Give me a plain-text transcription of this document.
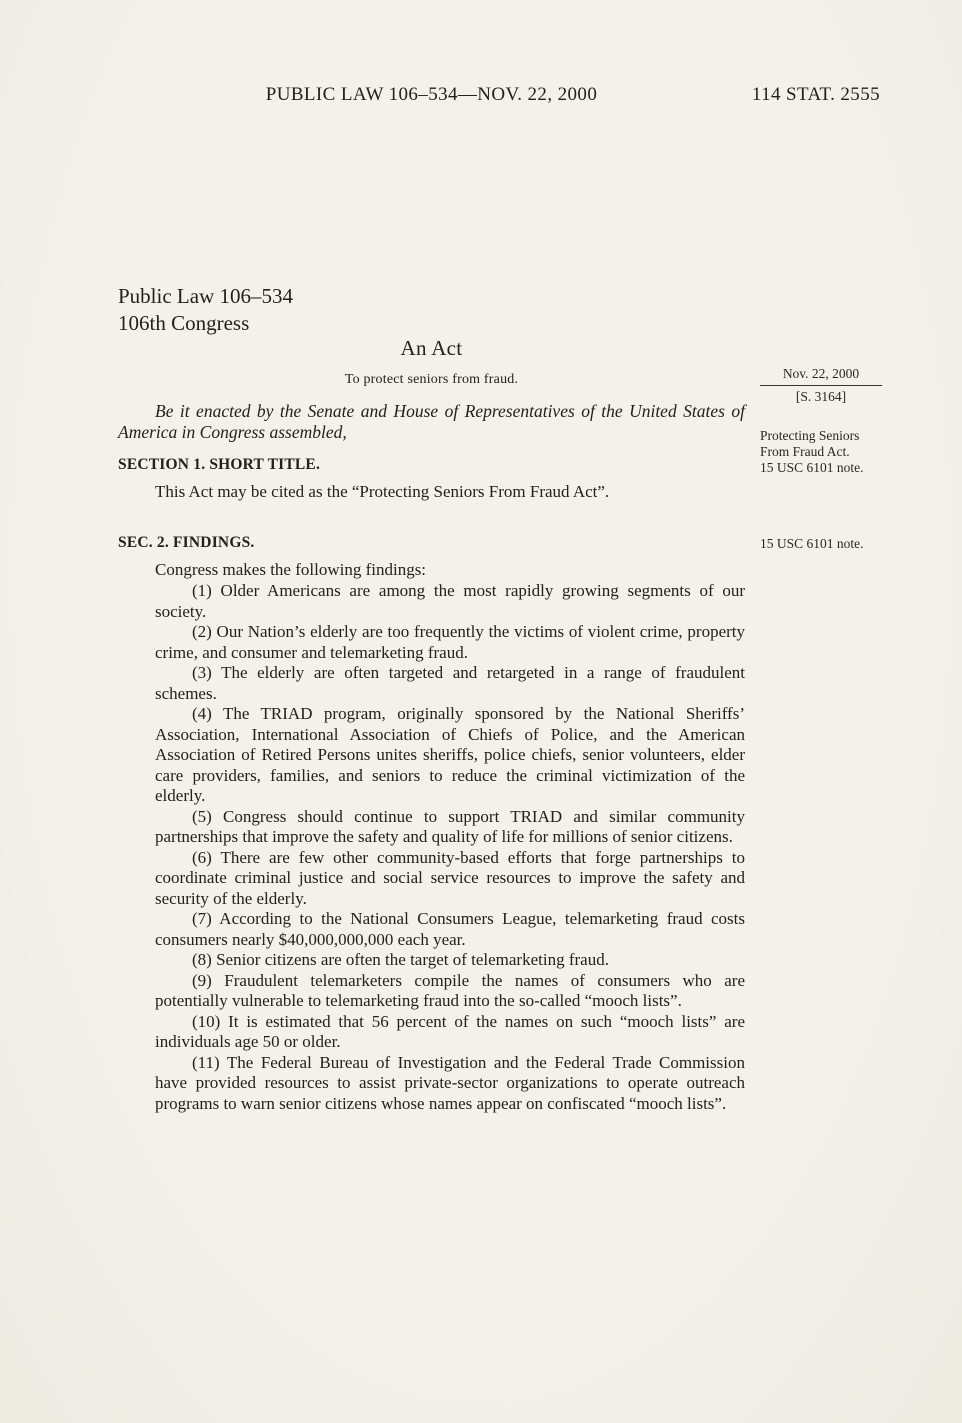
PUBLIC LAW 106–534—NOV. 22, 2000	114 STAT. 2555
Public Law 106–534
106th Congress
An Act
To protect seniors from fraud.

Be it enacted by the Senate and House of Representatives of the United States of America in Congress assembled,

SECTION 1. SHORT TITLE.

This Act may be cited as the “Protecting Seniors From Fraud Act”.

SEC. 2. FINDINGS.

Congress makes the following findings:

(1) Older Americans are among the most rapidly growing segments of our society.

(2) Our Nation’s elderly are too frequently the victims of violent crime, property crime, and consumer and telemarketing fraud.

(3) The elderly are often targeted and retargeted in a range of fraudulent schemes.

(4) The TRIAD program, originally sponsored by the National Sheriffs’ Association, International Association of Chiefs of Police, and the American Association of Retired Persons unites sheriffs, police chiefs, senior volunteers, elder care providers, families, and seniors to reduce the criminal victimization of the elderly.

(5) Congress should continue to support TRIAD and similar community partnerships that improve the safety and quality of life for millions of senior citizens.

(6) There are few other community-based efforts that forge partnerships to coordinate criminal justice and social service resources to improve the safety and security of the elderly.

(7) According to the National Consumers League, telemarketing fraud costs consumers nearly $40,000,000,000 each year.

(8) Senior citizens are often the target of telemarketing fraud.

(9) Fraudulent telemarketers compile the names of consumers who are potentially vulnerable to telemarketing fraud into the so-called “mooch lists”.

(10) It is estimated that 56 percent of the names on such “mooch lists” are individuals age 50 or older.

(11) The Federal Bureau of Investigation and the Federal Trade Commission have provided resources to assist private-sector organizations to operate outreach programs to warn senior citizens whose names appear on confiscated “mooch lists”.

Nov. 22, 2000
[S. 3164]

Protecting Seniors From Fraud Act.

15 USC 6101 note.

15 USC 6101 note.
